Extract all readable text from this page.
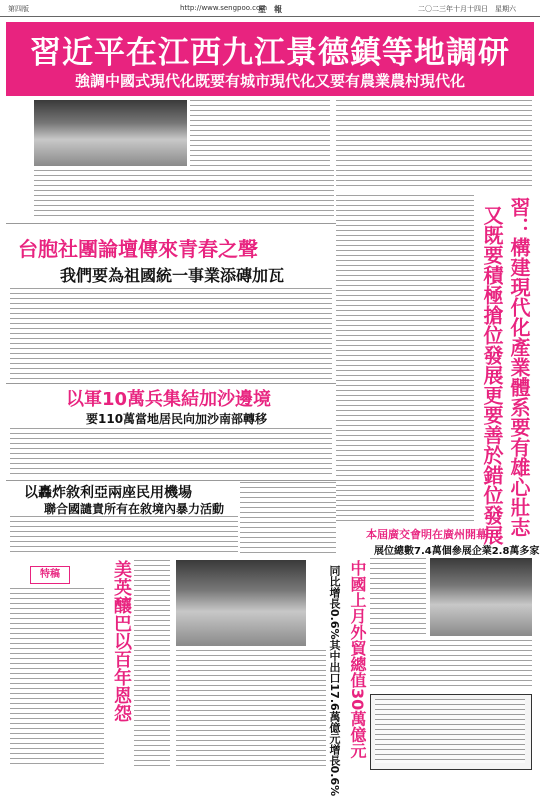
第四版	http://www.sengpoo.com
星　報	二〇二三年十月十四日　星期六
習近平在江西九江景德鎮等地調研
強調中國式現代化既要有城市現代化又要有農業農村現代化
習：構建現代化產業體系要有雄心壯志
又既要積極搶位發展更要善於錯位發展
台胞社團論壇傳來青春之聲
我們要為祖國統一事業添磚加瓦
以軍10萬兵集結加沙邊境
要110萬當地居民向加沙南部轉移
以轟炸敘利亞兩座民用機場
聯合國譴責所有在敘境內暴力活動
特稿	美英釀巴以百年恩怨	中國上月外貿總值30萬億元
同比增長0.6%其中出口17.6萬億元增長0.6%
本屆廣交會明在廣州開幕
展位總數7.4萬個參展企業2.8萬多家
